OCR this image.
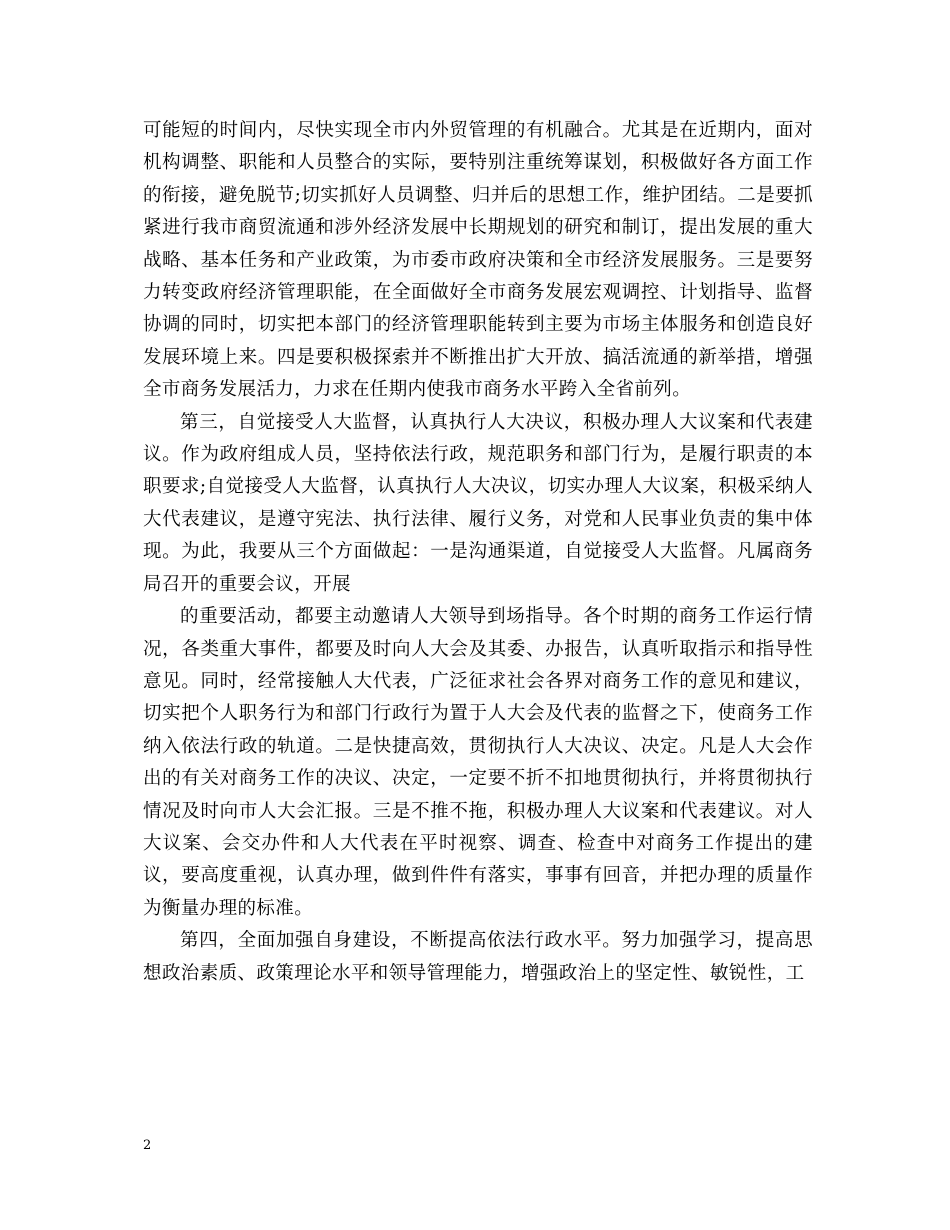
可能短的时间内，尽快实现全市内外贸管理的有机融合。尤其是在近期内，面对机构调整、职能和人员整合的实际，要特别注重统筹谋划，积极做好各方面工作的衔接，避免脱节;切实抓好人员调整、归并后的思想工作，维护团结。二是要抓紧进行我市商贸流通和涉外经济发展中长期规划的研究和制订，提出发展的重大战略、基本任务和产业政策，为市委市政府决策和全市经济发展服务。三是要努力转变政府经济管理职能，在全面做好全市商务发展宏观调控、计划指导、监督协调的同时，切实把本部门的经济管理职能转到主要为市场主体服务和创造良好发展环境上来。四是要积极探索并不断推出扩大开放、搞活流通的新举措，增强全市商务发展活力，力求在任期内使我市商务水平跨入全省前列。

第三，自觉接受人大监督，认真执行人大决议，积极办理人大议案和代表建议。作为政府组成人员，坚持依法行政，规范职务和部门行为，是履行职责的本职要求;自觉接受人大监督，认真执行人大决议，切实办理人大议案，积极采纳人大代表建议，是遵守宪法、执行法律、履行义务，对党和人民事业负责的集中体现。为此，我要从三个方面做起：一是沟通渠道，自觉接受人大监督。凡属商务局召开的重要会议，开展

的重要活动，都要主动邀请人大领导到场指导。各个时期的商务工作运行情况，各类重大事件，都要及时向人大会及其委、办报告，认真听取指示和指导性意见。同时，经常接触人大代表，广泛征求社会各界对商务工作的意见和建议，切实把个人职务行为和部门行政行为置于人大会及代表的监督之下，使商务工作纳入依法行政的轨道。二是快捷高效，贯彻执行人大决议、决定。凡是人大会作出的有关对商务工作的决议、决定，一定要不折不扣地贯彻执行，并将贯彻执行情况及时向市人大会汇报。三是不推不拖，积极办理人大议案和代表建议。对人大议案、会交办件和人大代表在平时视察、调查、检查中对商务工作提出的建议，要高度重视，认真办理，做到件件有落实，事事有回音，并把办理的质量作为衡量办理的标准。

第四，全面加强自身建设，不断提高依法行政水平。努力加强学习，提高思想政治素质、政策理论水平和领导管理能力，增强政治上的坚定性、敏锐性，工

2
